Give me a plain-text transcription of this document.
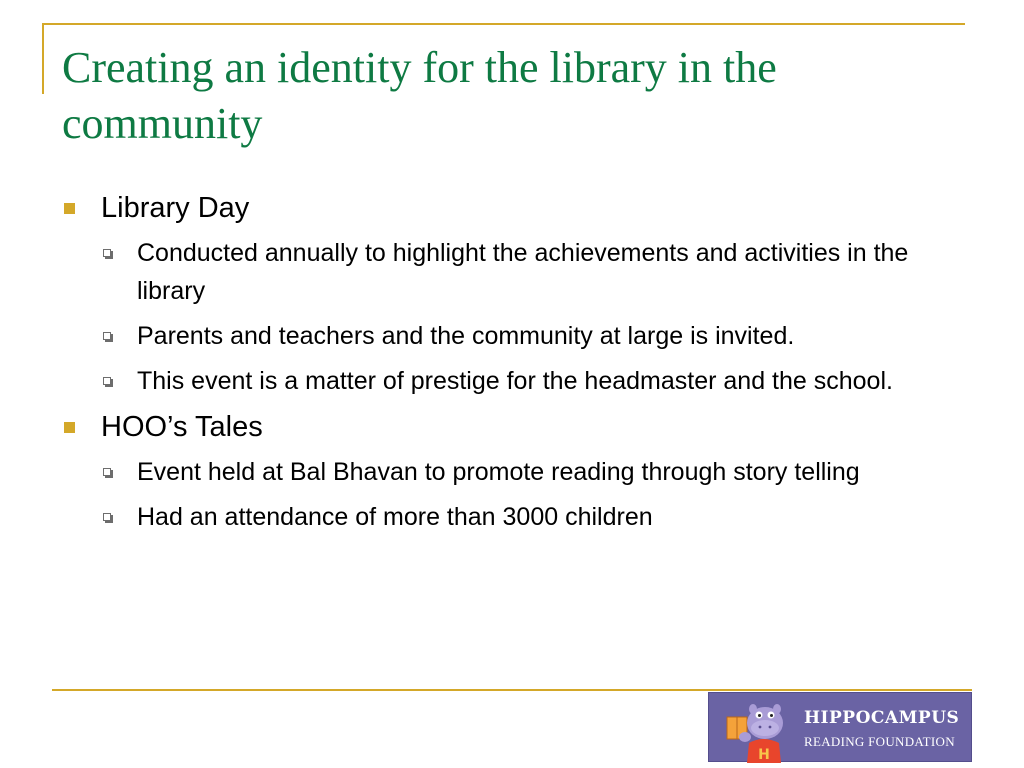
Creating an identity for the library in the community
Library Day
Conducted annually to highlight the achievements and activities in the library
Parents and teachers and the community at large is invited.
This event is a matter of prestige for the headmaster and the school.
HOO’s Tales
Event held at Bal Bhavan to promote reading through story telling
Had an attendance of more than 3000 children
H
HIPPOCAMPUS
READING FOUNDATION
